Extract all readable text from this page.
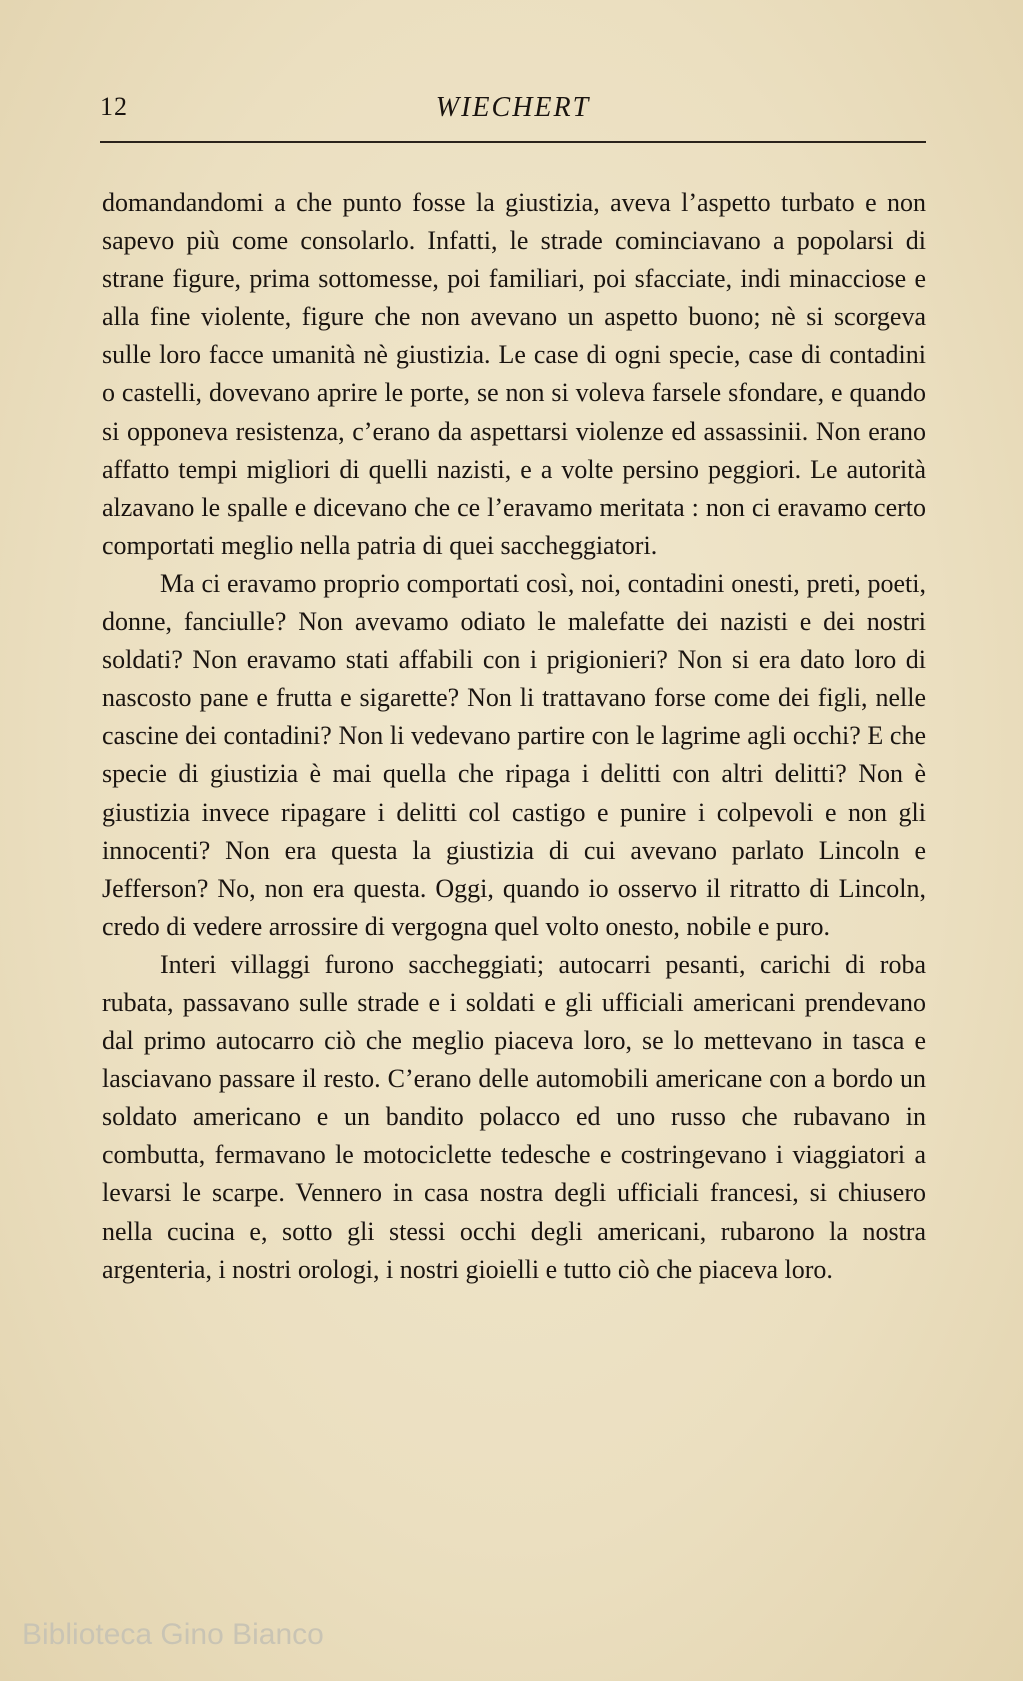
12	WIECHERT

domandandomi a che punto fosse la giustizia, aveva l’aspetto turbato e non sapevo più come consolarlo. Infatti, le strade cominciavano a popolarsi di strane figure, prima sottomesse, poi familiari, poi sfacciate, indi minacciose e alla fine violente, figure che non avevano un aspetto buono; nè si scorgeva sulle loro facce umanità nè giustizia. Le case di ogni specie, case di contadini o castelli, dovevano aprire le porte, se non si voleva farsele sfondare, e quando si opponeva resistenza, c’erano da aspettarsi violenze ed assassinii. Non erano affatto tempi migliori di quelli nazisti, e a volte persino peggiori. Le autorità alzavano le spalle e dicevano che ce l’eravamo meritata : non ci eravamo certo comportati meglio nella patria di quei saccheggiatori.

Ma ci eravamo proprio comportati così, noi, contadini onesti, preti, poeti, donne, fanciulle? Non avevamo odiato le malefatte dei nazisti e dei nostri soldati? Non eravamo stati affabili con i prigionieri? Non si era dato loro di nascosto pane e frutta e sigarette? Non li trattavano forse come dei figli, nelle cascine dei contadini? Non li vedevano partire con le lagrime agli occhi? E che specie di giustizia è mai quella che ripaga i delitti con altri delitti? Non è giustizia invece ripagare i delitti col castigo e punire i colpevoli e non gli innocenti? Non era questa la giustizia di cui avevano parlato Lincoln e Jefferson? No, non era questa. Oggi, quando io osservo il ritratto di Lincoln, credo di vedere arrossire di vergogna quel volto onesto, nobile e puro.

Interi villaggi furono saccheggiati; autocarri pesanti, carichi di roba rubata, passavano sulle strade e i soldati e gli ufficiali americani prendevano dal primo autocarro ciò che meglio piaceva loro, se lo mettevano in tasca e lasciavano passare il resto. C’erano delle automobili americane con a bordo un soldato americano e un bandito polacco ed uno russo che rubavano in combutta, fermavano le motociclette tedesche e costringevano i viaggiatori a levarsi le scarpe. Vennero in casa nostra degli ufficiali francesi, si chiusero nella cucina e, sotto gli stessi occhi degli americani, rubarono la nostra argenteria, i nostri orologi, i nostri gioielli e tutto ciò che piaceva loro.

Biblioteca Gino Bianco
